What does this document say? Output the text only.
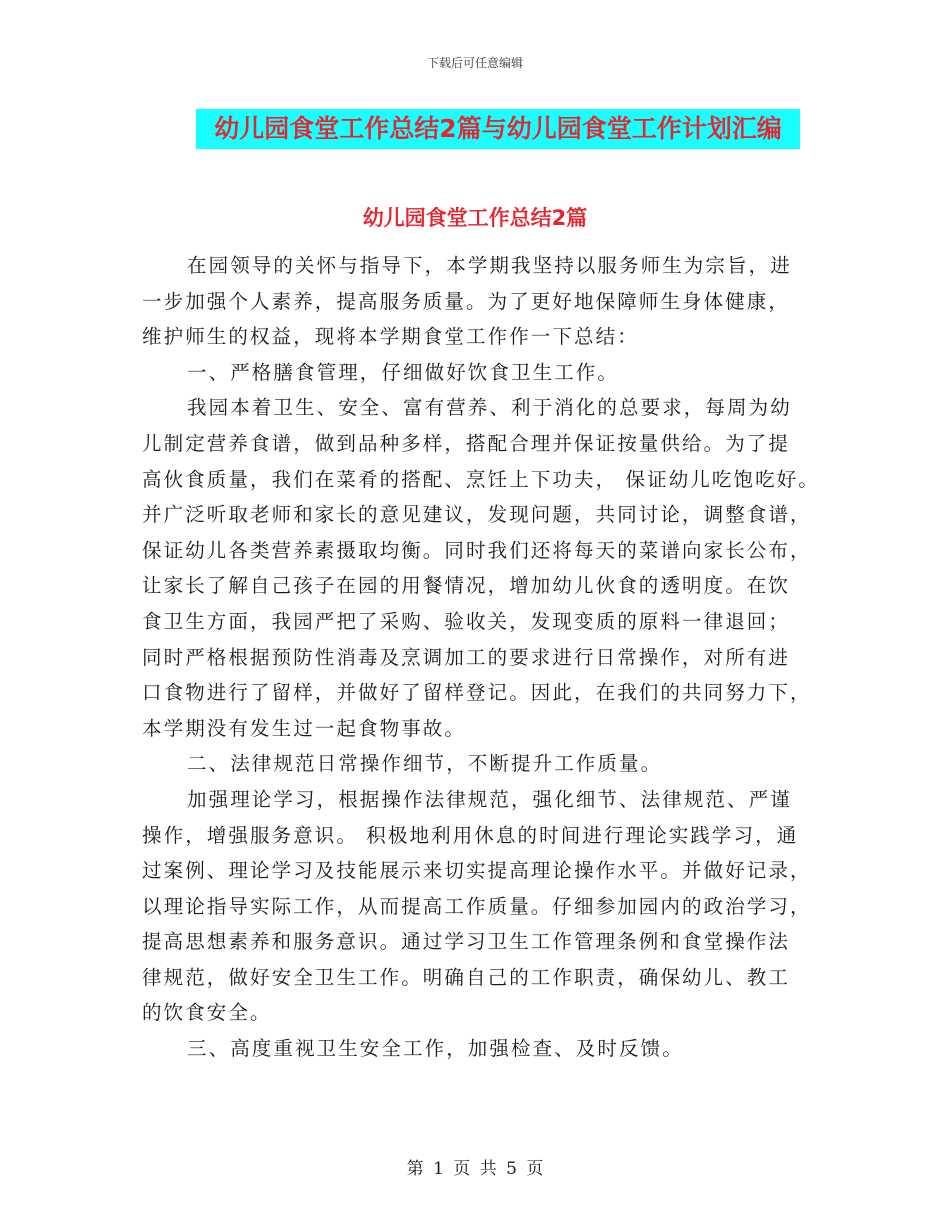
下载后可任意编辑
幼儿园食堂工作总结2篇与幼儿园食堂工作计划汇编
幼儿园食堂工作总结2篇
在园领导的关怀与指导下，本学期我坚持以服务师生为宗旨，进
一步加强个人素养，提高服务质量。为了更好地保障师生身体健康，
维护师生的权益，现将本学期食堂工作作一下总结：
一、严格膳食管理，仔细做好饮食卫生工作。
我园本着卫生、安全、富有营养、利于消化的总要求，每周为幼
儿制定营养食谱，做到品种多样，搭配合理并保证按量供给。为了提
高伙食质量，我们在菜肴的搭配、烹饪上下功夫， 保证幼儿吃饱吃好。
并广泛听取老师和家长的意见建议，发现问题，共同讨论，调整食谱，
保证幼儿各类营养素摄取均衡。同时我们还将每天的菜谱向家长公布，
让家长了解自己孩子在园的用餐情况，增加幼儿伙食的透明度。在饮
食卫生方面，我园严把了采购、验收关，发现变质的原料一律退回；
同时严格根据预防性消毒及烹调加工的要求进行日常操作，对所有进
口食物进行了留样，并做好了留样登记。因此，在我们的共同努力下，
本学期没有发生过一起食物事故。
二、法律规范日常操作细节，不断提升工作质量。
加强理论学习，根据操作法律规范，强化细节、法律规范、严谨
操作，增强服务意识。 积极地利用休息的时间进行理论实践学习，通
过案例、理论学习及技能展示来切实提高理论操作水平。并做好记录，
以理论指导实际工作，从而提高工作质量。仔细参加园内的政治学习，
提高思想素养和服务意识。通过学习卫生工作管理条例和食堂操作法
律规范，做好安全卫生工作。明确自己的工作职责，确保幼儿、教工
的饮食安全。
三、高度重视卫生安全工作，加强检查、及时反馈。
第 1 页 共 5 页
